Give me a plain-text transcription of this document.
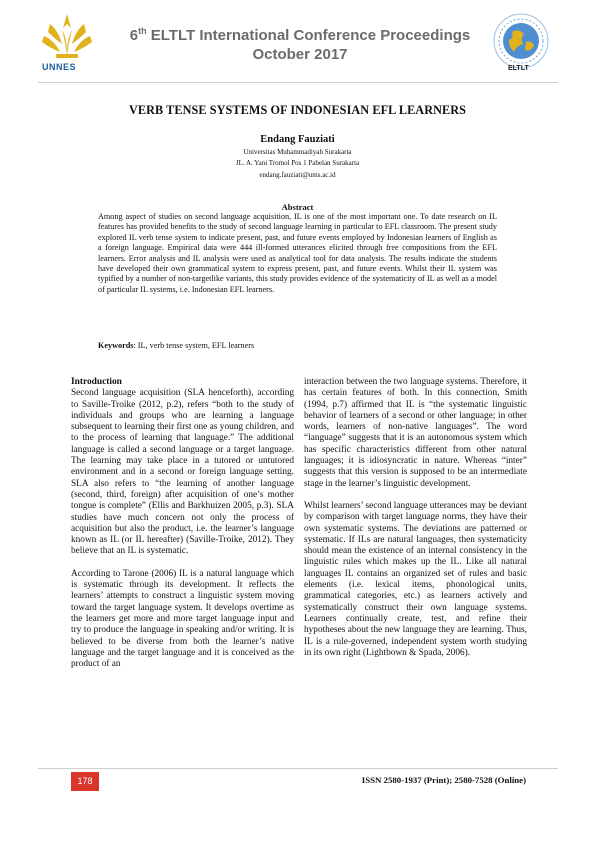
UNNES
6th ELTLT International Conference Proceedings
October 2017
ELTLT
VERB TENSE SYSTEMS OF INDONESIAN EFL LEARNERS
Endang Fauziati
Universitas Muhammadiyah Surakarta
JL. A. Yani Tromol Pos 1 Pabelan Surakarta
endang.fauziati@ums.ac.id
Abstract
Among aspect of studies on second language acquisition, IL is one of the most important one. To date research on IL features has provided benefits to the study of second language learning in particular to EFL classroom. The present study explored IL verb tense system to indicate present, past, and future events employed by Indonesian learners of English as a foreign language. Empirical data were 444 ill-formed utterances elicited through free compositions from the EFL learners. Error analysis and IL analysis were used as analytical tool for data analysis. The results indicate the students have developed their own grammatical system to express present, past, and future events. Whilst their IL system was typified by a number of non-targetlike variants, this study provides evidence of the systematicity of IL as well as a model of particular IL systems, i.e. Indonesian EFL learners.
Keywords: IL, verb tense system, EFL learners
Introduction

Second language acquisition (SLA henceforth), according to Saville-Troike (2012, p.2), refers “both to the study of individuals and groups who are learning a language subsequent to learning their first one as young children, and to the process of learning that language.” The additional language is called a second language or a target language. The learning may take place in a tutored or untutored environment and in a second or foreign language setting. SLA also refers to “the learning of another language (second, third, foreign) after acquisition of one’s mother tongue is complete” (Ellis and Barkhuizen 2005, p.3). SLA studies have much concern not only the process of acquisition but also the product, i.e. the learner’s language known as IL (or IL hereafter) (Saville-Troike, 2012). They believe that an IL is systematic.

According to Tarone (2006) IL is a natural language which is systematic through its development. It reflects the learners’ attempts to construct a linguistic system moving toward the target language system. It develops overtime as the learners get more and more target language input and try to produce the language in speaking and/or writing. It is believed to be diverse from both the learner’s native language and the target language and it is conceived as the product of an

interaction between the two language systems. Therefore, it has certain features of both. In this connection, Smith (1994, p.7) affirmed that IL is “the systematic linguistic behavior of learners of a second or other language; in other words, learners of non-native languages”. The word “language” suggests that it is an autonomous system which has specific characteristics different from other natural languages; it is idiosyncratic in nature. Whereas “inter” suggests that this version is supposed to be an intermediate stage in the learner’s linguistic development.

Whilst learners’ second language utterances may be deviant by comparison with target language norms, they have their own systematic systems. The deviations are patterned or systematic. If ILs are natural languages, then systematicity should mean the existence of an internal consistency in the linguistic rules which makes up the IL. Like all natural languages IL contains an organized set of rules and basic elements (i.e. lexical items, phonological units, grammatical categories, etc.) as learners actively and systematically construct their own language systems. Learners continually create, test, and refine their hypotheses about the new language they are learning. Thus, IL is a rule-governed, independent system worth studying in its own right (Lightbown & Spada, 2006).

178	ISSN 2580-1937 (Print); 2580-7528 (Online)
